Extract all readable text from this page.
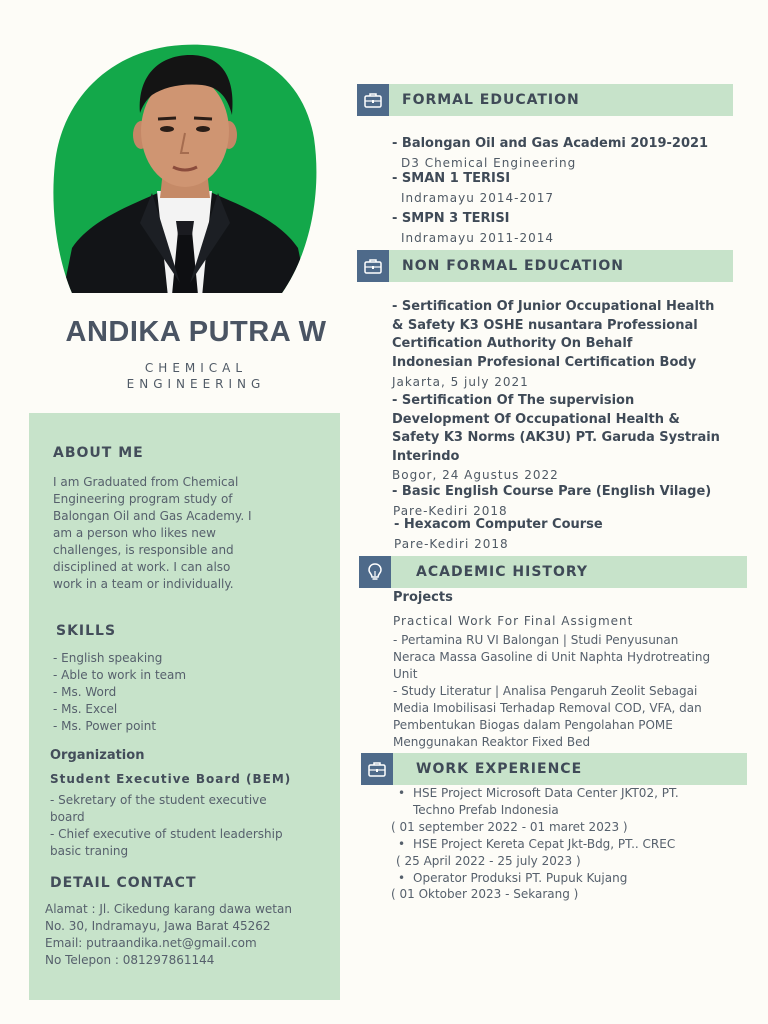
ANDIKA PUTRA W
CHEMICAL
ENGINEERING
ABOUT ME
I am Graduated from Chemical
Engineering program study of
Balongan Oil and Gas Academy. I
am a person who likes new
challenges, is responsible and
disciplined at work. I can also
work in a team or individually.
SKILLS
- English speaking
- Able to work in team
- Ms. Word
- Ms. Excel
- Ms. Power point
Organization
Student Executive Board (BEM)
- Sekretary of the student executive
board
- Chief executive of student leadership
basic traning
DETAIL CONTACT
Alamat : Jl. Cikedung karang dawa wetan
No. 30, Indramayu, Jawa Barat 45262
Email: putraandika.net@gmail.com
No Telepon : 081297861144
FORMAL EDUCATION
- Balongan Oil and Gas Academi 2019-2021
D3 Chemical Engineering
- SMAN 1 TERISI
Indramayu 2014-2017
- SMPN 3 TERISI
Indramayu 2011-2014
NON FORMAL EDUCATION
- Sertification Of Junior Occupational Health
& Safety K3 OSHE nusantara Professional
Certification Authority On Behalf
Indonesian Profesional Certification Body
Jakarta, 5 july 2021
- Sertification Of The supervision
Development Of Occupational Health &
Safety K3 Norms (AK3U) PT. Garuda Systrain
Interindo
Bogor, 24 Agustus 2022
- Basic English Course Pare (English Vilage)
Pare-Kediri 2018
- Hexacom Computer Course
Pare-Kediri 2018
ACADEMIC HISTORY
Projects
Practical Work For Final Assigment
- Pertamina RU VI Balongan | Studi Penyusunan
Neraca Massa Gasoline di Unit Naphta Hydrotreating
Unit
- Study Literatur | Analisa Pengaruh Zeolit Sebagai
Media Imobilisasi Terhadap Removal COD, VFA, dan
Pembentukan Biogas dalam Pengolahan POME
Menggunakan Reaktor Fixed Bed
WORK EXPERIENCE
• HSE Project Microsoft Data Center JKT02, PT.
Techno Prefab Indonesia
( 01 september 2022 - 01 maret 2023 )
• HSE Project Kereta Cepat Jkt-Bdg, PT.. CREC
( 25 April 2022 - 25 july 2023 )
• Operator Produksi PT. Pupuk Kujang
( 01 Oktober 2023 - Sekarang )
